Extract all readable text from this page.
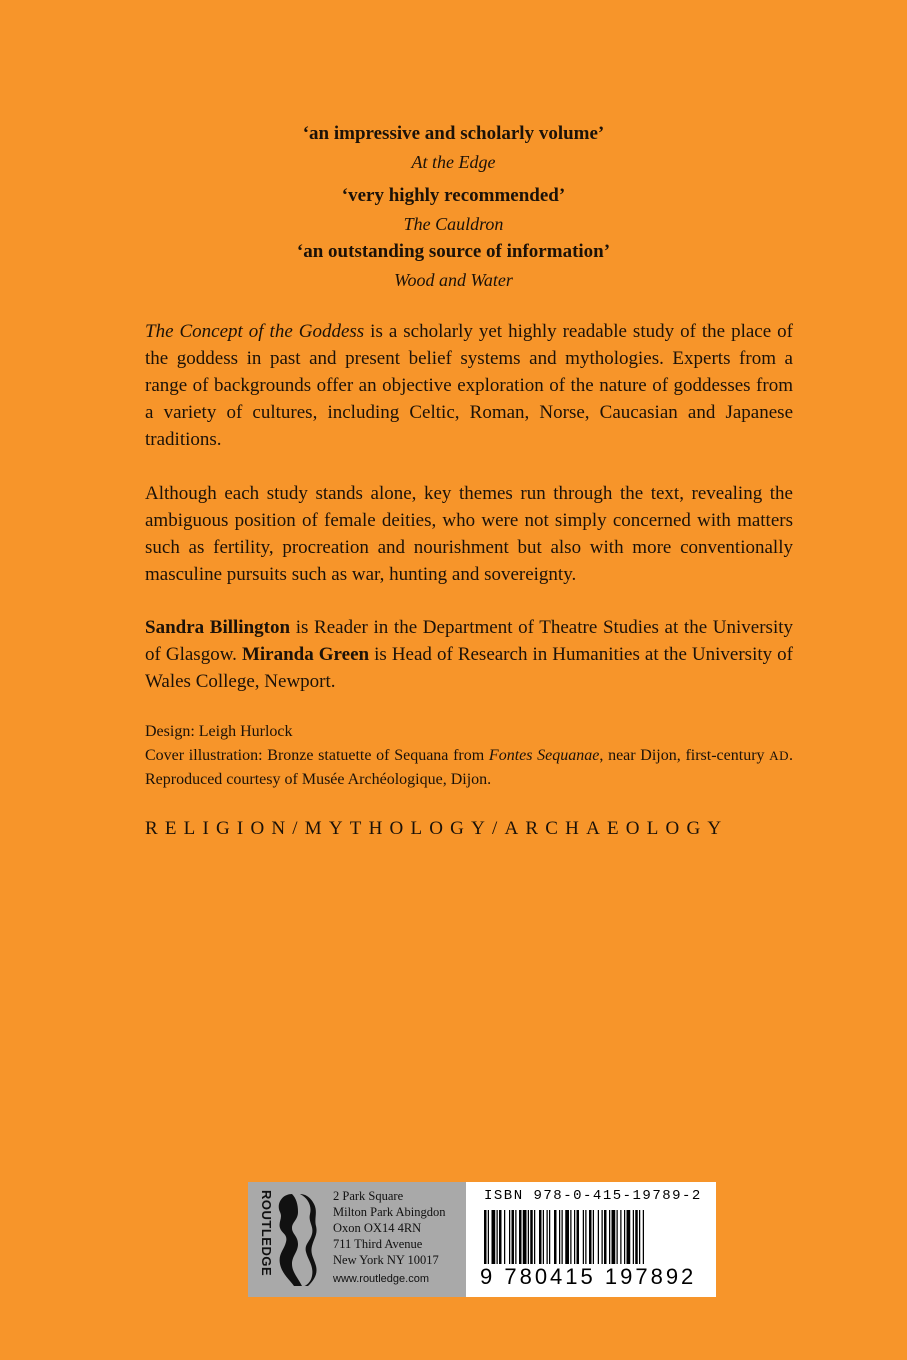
‘an impressive and scholarly volume’
At the Edge
‘very highly recommended’
The Cauldron
‘an outstanding source of information’
Wood and Water

The Concept of the Goddess is a scholarly yet highly readable study of the place of the goddess in past and present belief systems and mythologies. Experts from a range of backgrounds offer an objective exploration of the nature of goddesses from a variety of cultures, including Celtic, Roman, Norse, Caucasian and Japanese traditions.

Although each study stands alone, key themes run through the text, revealing the ambiguous position of female deities, who were not simply concerned with matters such as fertility, procreation and nourishment but also with more conventionally masculine pursuits such as war, hunting and sovereignty.

Sandra Billington is Reader in the Department of Theatre Studies at the University of Glasgow. Miranda Green is Head of Research in Humanities at the University of Wales College, Newport.

Design: Leigh Hurlock
Cover illustration: Bronze statuette of Sequana from Fontes Sequanae, near Dijon, first-century AD. Reproduced courtesy of Musée Archéologique, Dijon.
RELIGION/MYTHOLOGY/ARCHAEOLOGY
ROUTLEDGE	2 Park Square
Milton Park Abingdon
Oxon OX14 4RN
711 Third Avenue
New York NY 10017
www.routledge.com
ISBN 978-0-415-19789-2
9 780415 197892
